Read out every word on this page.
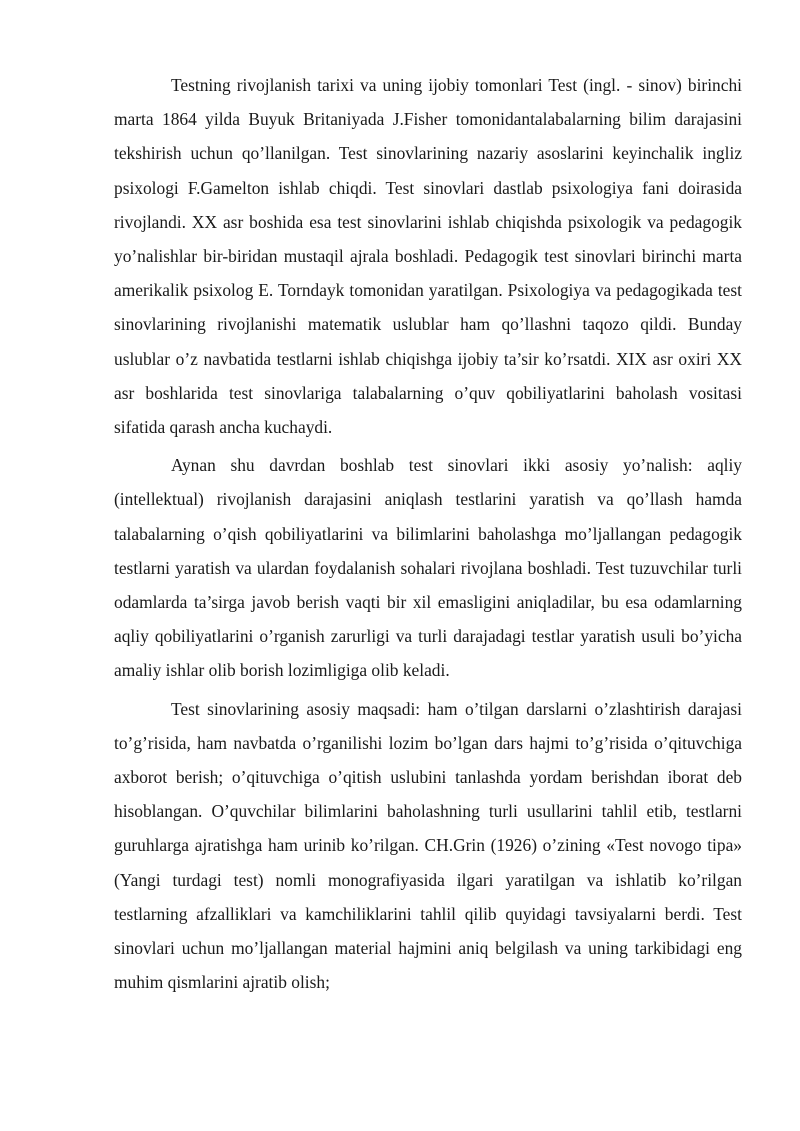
Testning rivojlanish tarixi va uning ijobiy tomonlari Test (ingl. - sinov) birinchi marta 1864 yilda Buyuk Britaniyada J.Fisher tomonidantalabalarning bilim darajasini tekshirish uchun qo’llanilgan. Test sinovlarining nazariy asoslarini keyinchalik ingliz psixologi F.Gamelton ishlab chiqdi. Test sinovlari dastlab psixologiya fani doirasida rivojlandi. XX asr boshida esa test sinovlarini ishlab chiqishda psixologik va pedagogik yo’nalishlar bir-biridan mustaqil ajrala boshladi. Pedagogik test sinovlari birinchi marta amerikalik psixolog E. Torndayk tomonidan yaratilgan. Psixologiya va pedagogikada test sinovlarining rivojlanishi matematik uslublar ham qo’llashni taqozo qildi. Bunday uslublar o’z navbatida testlarni ishlab chiqishga ijobiy ta’sir ko’rsatdi. XIX asr oxiri XX asr boshlarida test sinovlariga talabalarning o’quv qobiliyatlarini baholash vositasi sifatida qarash ancha kuchaydi.

Aynan shu davrdan boshlab test sinovlari ikki asosiy yo’nalish: aqliy (intellektual) rivojlanish darajasini aniqlash testlarini yaratish va qo’llash hamda talabalarning o’qish qobiliyatlarini va bilimlarini baholashga mo’ljallangan pedagogik testlarni yaratish va ulardan foydalanish sohalari rivojlana boshladi. Test tuzuvchilar turli odamlarda ta’sirga javob berish vaqti bir xil emasligini aniqladilar, bu esa odamlarning aqliy qobiliyatlarini o’rganish zarurligi va turli darajadagi testlar yaratish usuli bo’yicha amaliy ishlar olib borish lozimligiga olib keladi.

Test sinovlarining asosiy maqsadi: ham o’tilgan darslarni o’zlashtirish darajasi to’g’risida, ham navbatda o’rganilishi lozim bo’lgan dars hajmi to’g’risida o’qituvchiga axborot berish; o’qituvchiga o’qitish uslubini tanlashda yordam berishdan iborat deb hisoblangan. O’quvchilar bilimlarini baholashning turli usullarini tahlil etib, testlarni guruhlarga ajratishga ham urinib ko’rilgan. CH.Grin (1926) o’zining «Test novogo tipa» (Yangi turdagi test) nomli monografiyasida ilgari yaratilgan va ishlatib ko’rilgan testlarning afzalliklari va kamchiliklarini tahlil qilib quyidagi tavsiyalarni berdi. Test sinovlari uchun mo’ljallangan material hajmini aniq belgilash va uning tarkibidagi eng muhim qismlarini ajratib olish;
